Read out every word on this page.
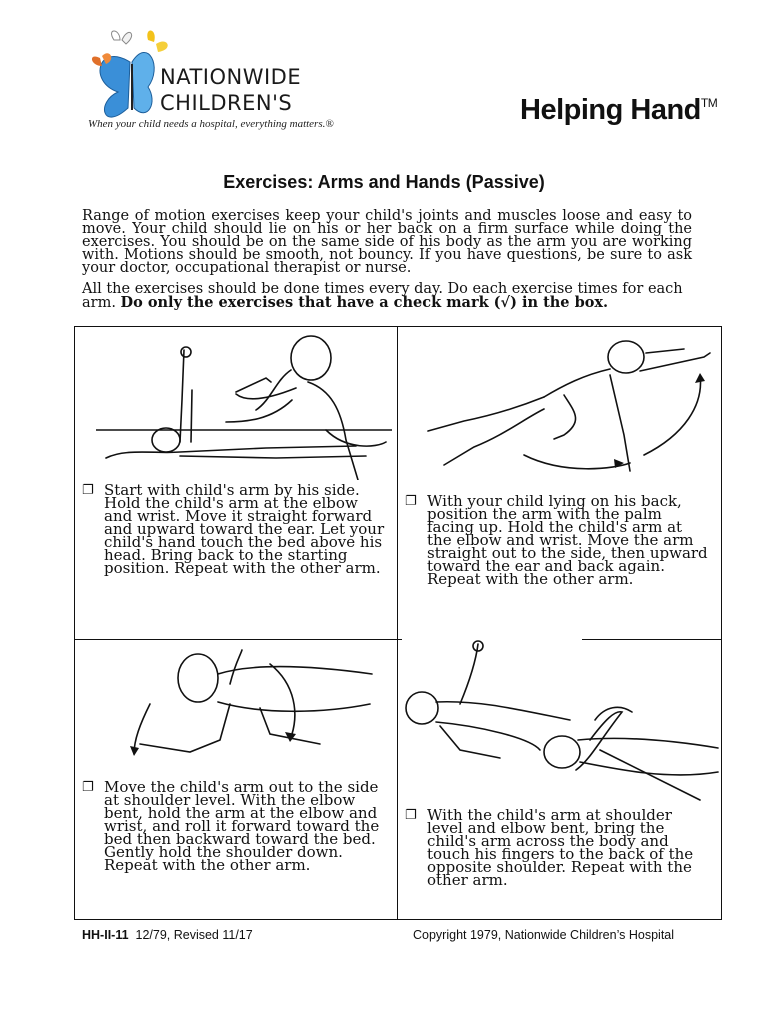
NATIONWIDE
CHILDREN'S
When your child needs a hospital, everything matters.®	Helping Hand™
Exercises: Arms and Hands (Passive)
Range of motion exercises keep your child's joints and muscles loose and easy to move. Your child should lie on his or her back on a firm surface while doing the exercises. You should be on the same side of his body as the arm you are working with. Motions should be smooth, not bouncy. If you have questions, be sure to ask your doctor, occupational therapist or nurse.
All the exercises should be done times every day. Do each exercise times for each arm. Do only the exercises that have a check mark (√) in the box.
❐ Start with child's arm by his side. Hold the child's arm at the elbow and wrist. Move it straight forward and upward toward the ear. Let your child's hand touch the bed above his head. Bring back to the starting position. Repeat with the other arm.
❐ With your child lying on his back, position the arm with the palm facing up. Hold the child's arm at the elbow and wrist. Move the arm straight out to the side, then upward toward the ear and back again. Repeat with the other arm.
❐ Move the child's arm out to the side at shoulder level. With the elbow bent, hold the arm at the elbow and wrist, and roll it forward toward the bed then backward toward the bed. Gently hold the shoulder down. Repeat with the other arm.
❐ With the child's arm at shoulder level and elbow bent, bring the child's arm across the body and touch his fingers to the back of the opposite shoulder. Repeat with the other arm.
HH-II-11 12/79, Revised 11/17	Copyright 1979, Nationwide Children’s Hospital
